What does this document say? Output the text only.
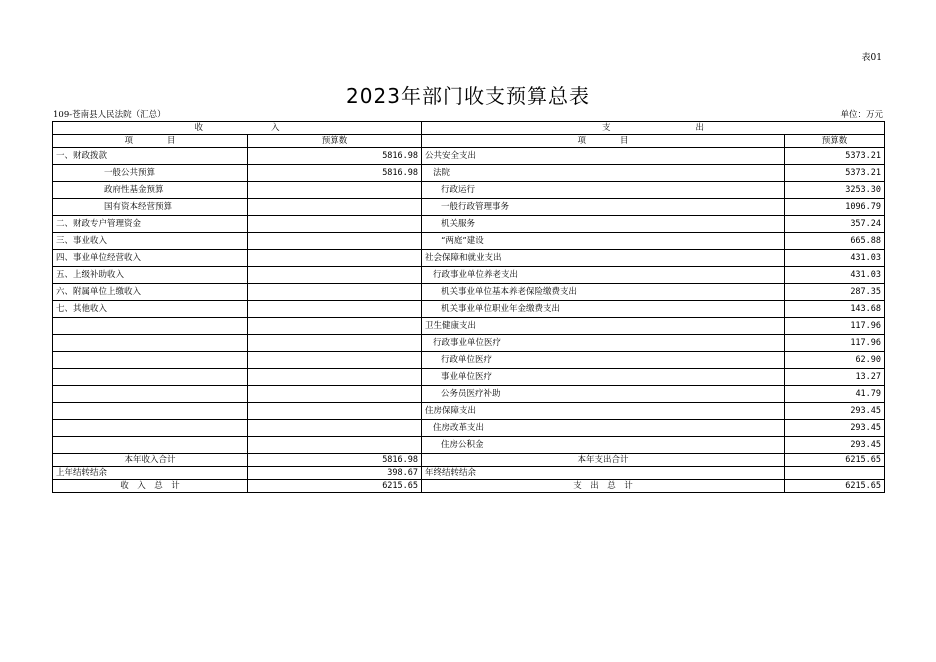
表01
2023年部门收支预算总表
109-苍南县人民法院（汇总）	单位：万元
收　　　　　　　　入		支　　　　　　　　　　出	
项　　　　目	预算数	项　　　　目	预算数
一、财政拨款	5816.98	公共安全支出	5373.21
一般公共预算	5816.98	法院	5373.21
政府性基金预算		行政运行	3253.30
国有资本经营预算		一般行政管理事务	1096.79
二、财政专户管理资金		机关服务	357.24
三、事业收入		“两庭”建设	665.88
四、事业单位经营收入		社会保障和就业支出	431.03
五、上级补助收入		行政事业单位养老支出	431.03
六、附属单位上缴收入		机关事业单位基本养老保险缴费支出	287.35
七、其他收入		机关事业单位职业年金缴费支出	143.68
		卫生健康支出	117.96
		行政事业单位医疗	117.96
		行政单位医疗	62.90
		事业单位医疗	13.27
		公务员医疗补助	41.79
		住房保障支出	293.45
		住房改革支出	293.45
		住房公积金	293.45
本年收入合计	5816.98	本年支出合计	6215.65
上年结转结余	398.67	年终结转结余	
收　入　总　计	6215.65	支　出　总　计	6215.65
